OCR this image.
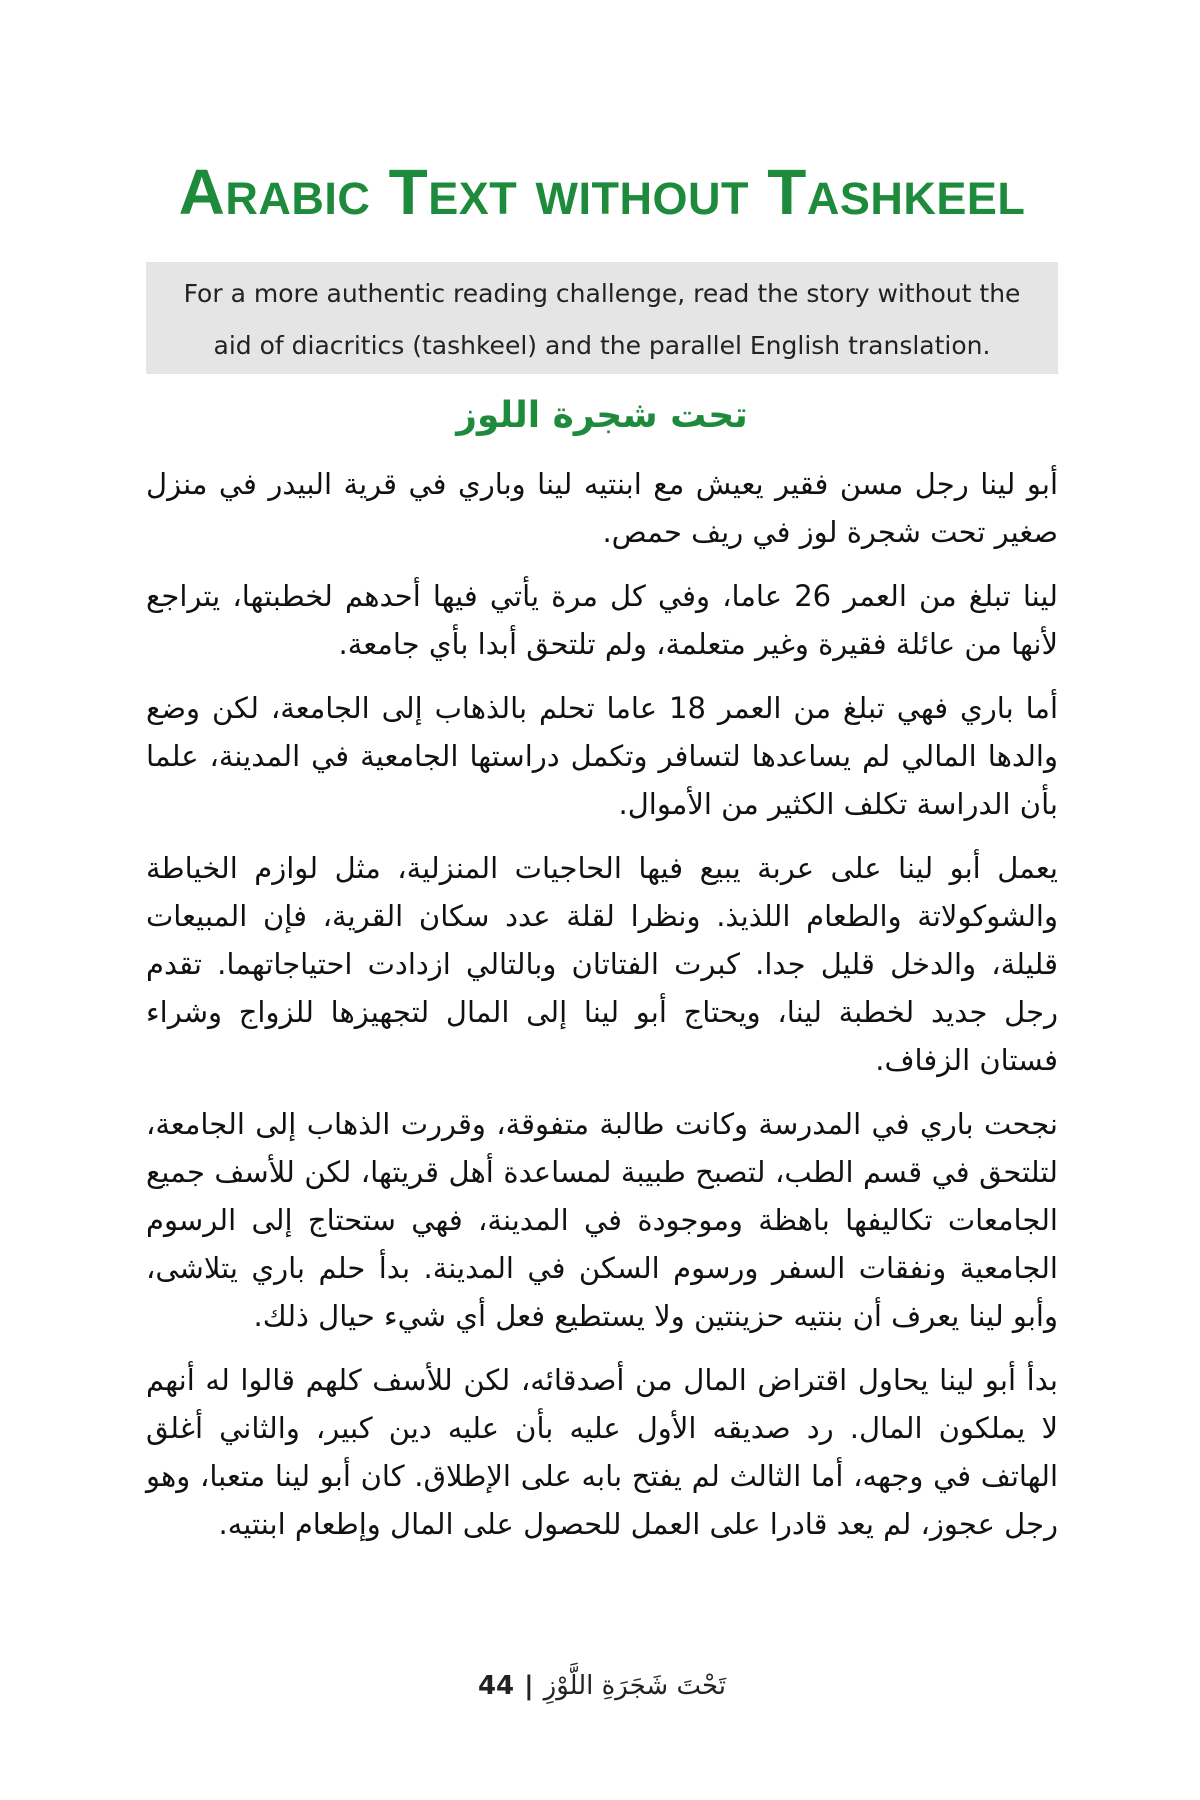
Arabic Text without Tashkeel
For a more authentic reading challenge, read the story without the
aid of diacritics (tashkeel) and the parallel English translation.
تحت شجرة اللوز

أبو لينا رجل مسن فقير يعيش مع ابنتيه لينا وباري في قرية البيدر في منزل صغير تحت شجرة لوز في ريف حمص.

لينا تبلغ من العمر 26 عاما، وفي كل مرة يأتي فيها أحدهم لخطبتها، يتراجع لأنها من عائلة فقيرة وغير متعلمة، ولم تلتحق أبدا بأي جامعة.

أما باري فهي تبلغ من العمر 18 عاما تحلم بالذهاب إلى الجامعة، لكن وضع والدها المالي لم يساعدها لتسافر وتكمل دراستها الجامعية في المدينة، علما بأن الدراسة تكلف الكثير من الأموال.

يعمل أبو لينا على عربة يبيع فيها الحاجيات المنزلية، مثل لوازم الخياطة والشوكولاتة والطعام اللذيذ. ونظرا لقلة عدد سكان القرية، فإن المبيعات قليلة، والدخل قليل جدا. كبرت الفتاتان وبالتالي ازدادت احتياجاتهما. تقدم رجل جديد لخطبة لينا، ويحتاج أبو لينا إلى المال لتجهيزها للزواج وشراء فستان الزفاف.

نجحت باري في المدرسة وكانت طالبة متفوقة، وقررت الذهاب إلى الجامعة، لتلتحق في قسم الطب، لتصبح طبيبة لمساعدة أهل قريتها، لكن للأسف جميع الجامعات تكاليفها باهظة وموجودة في المدينة، فهي ستحتاج إلى الرسوم الجامعية ونفقات السفر ورسوم السكن في المدينة. بدأ حلم باري يتلاشى، وأبو لينا يعرف أن بنتيه حزينتين ولا يستطيع فعل أي شيء حيال ذلك.

بدأ أبو لينا يحاول اقتراض المال من أصدقائه، لكن للأسف كلهم قالوا له أنهم لا يملكون المال. رد صديقه الأول عليه بأن عليه دين كبير، والثاني أغلق الهاتف في وجهه، أما الثالث لم يفتح بابه على الإطلاق. كان أبو لينا متعبا، وهو رجل عجوز، لم يعد قادرا على العمل للحصول على المال وإطعام ابنتيه.

44 | تَحْتَ شَجَرَةِ اللَّوْزِ
